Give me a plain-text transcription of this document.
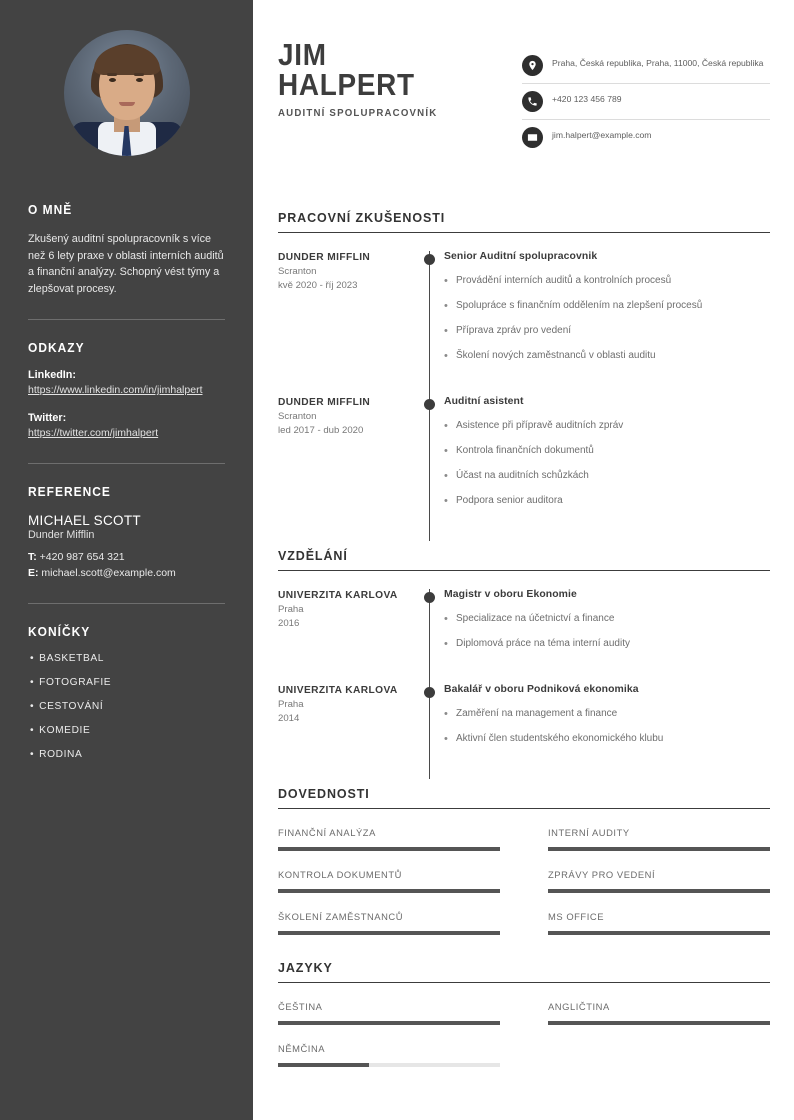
O MNĚ

Zkušený auditní spolupracovník s více než 6 lety praxe v oblasti interních auditů a finanční analýzy. Schopný vést týmy a zlepšovat procesy.

ODKAZY
LinkedIn:
https://www.linkedin.com/in/jimhalpert
Twitter:
https://twitter.com/jimhalpert
REFERENCE
MICHAEL SCOTT
Dunder Mifflin
T: +420 987 654 321
E: michael.scott@example.com
KONÍČKY
• BASKETBAL
• FOTOGRAFIE
• CESTOVÁNÍ
• KOMEDIE
• RODINA
JIM
HALPERT
AUDITNÍ SPOLUPRACOVNÍK
Praha, Česká republika, Praha, 11000, Česká republika
+420 123 456 789
jim.halpert@example.com
PRACOVNÍ ZKUŠENOSTI
DUNDER MIFFLIN
Scranton
kvě 2020 - říj 2023
Senior Auditní spolupracovnik
• Provádění interních auditů a kontrolních procesů
• Spolupráce s finančním oddělením na zlepšení procesů
• Příprava zpráv pro vedení
• Školení nových zaměstnanců v oblasti auditu
DUNDER MIFFLIN
Scranton
led 2017 - dub 2020
Auditní asistent
• Asistence při přípravě auditních zpráv
• Kontrola finančních dokumentů
• Účast na auditních schůzkách
• Podpora senior auditora
VZDĚLÁNÍ
UNIVERZITA KARLOVA
Praha
2016
Magistr v oboru Ekonomie
• Specializace na účetnictví a finance
• Diplomová práce na téma interní audity
UNIVERZITA KARLOVA
Praha
2014
Bakalář v oboru Podniková ekonomika
• Zaměření na management a finance
• Aktivní člen studentského ekonomického klubu
DOVEDNOSTI
FINANČNÍ ANALÝZA	INTERNÍ AUDITY
KONTROLA DOKUMENTŮ	ZPRÁVY PRO VEDENÍ
ŠKOLENÍ ZAMĚSTNANCŮ	MS OFFICE
JAZYKY
ČEŠTINA	ANGLIČTINA
NĚMČINA
